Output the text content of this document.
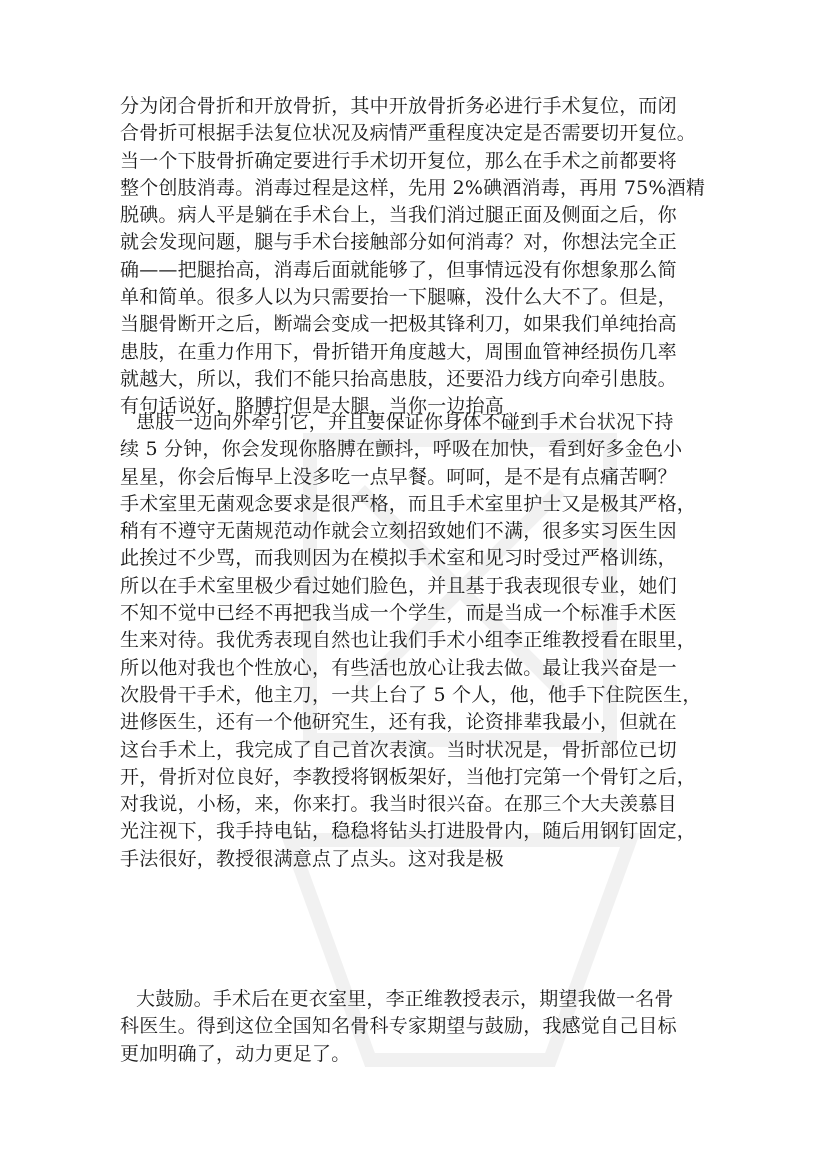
分为闭合骨折和开放骨折，其中开放骨折务必进行手术复位，而闭
合骨折可根据手法复位状况及病情严重程度决定是否需要切开复位。
当一个下肢骨折确定要进行手术切开复位，那么在手术之前都要将
整个创肢消毒。消毒过程是这样，先用 2%碘酒消毒，再用 75%酒精
脱碘。病人平是躺在手术台上，当我们消过腿正面及侧面之后，你
就会发现问题，腿与手术台接触部分如何消毒？对，你想法完全正
确——把腿抬高，消毒后面就能够了，但事情远没有你想象那么简
单和简单。很多人以为只需要抬一下腿嘛，没什么大不了。但是，
当腿骨断开之后，断端会变成一把极其锋利刀，如果我们单纯抬高
患肢，在重力作用下，骨折错开角度越大，周围血管神经损伤几率
就越大，所以，我们不能只抬高患肢，还要沿力线方向牵引患肢。
有句话说好，胳膊拧但是大腿，当你一边抬高
患肢一边向外牵引它，并且要保证你身体不碰到手术台状况下持
续 5 分钟，你会发现你胳膊在颤抖，呼吸在加快，看到好多金色小
星星，你会后悔早上没多吃一点早餐。呵呵，是不是有点痛苦啊？
手术室里无菌观念要求是很严格，而且手术室里护士又是极其严格，
稍有不遵守无菌规范动作就会立刻招致她们不满，很多实习医生因
此挨过不少骂，而我则因为在模拟手术室和见习时受过严格训练，
所以在手术室里极少看过她们脸色，并且基于我表现很专业，她们
不知不觉中已经不再把我当成一个学生，而是当成一个标准手术医
生来对待。我优秀表现自然也让我们手术小组李正维教授看在眼里，
所以他对我也个性放心，有些活也放心让我去做。最让我兴奋是一
次股骨干手术，他主刀，一共上台了 5 个人，他，他手下住院医生，
进修医生，还有一个他研究生，还有我，论资排辈我最小，但就在
这台手术上，我完成了自己首次表演。当时状况是，骨折部位已切
开，骨折对位良好，李教授将钢板架好，当他打完第一个骨钉之后，
对我说，小杨，来，你来打。我当时很兴奋。在那三个大夫羡慕目
光注视下，我手持电钻，稳稳将钻头打进股骨内，随后用钢钉固定，
手法很好，教授很满意点了点头。这对我是极
大鼓励。手术后在更衣室里，李正维教授表示，期望我做一名骨
科医生。得到这位全国知名骨科专家期望与鼓励，我感觉自己目标
更加明确了，动力更足了。
